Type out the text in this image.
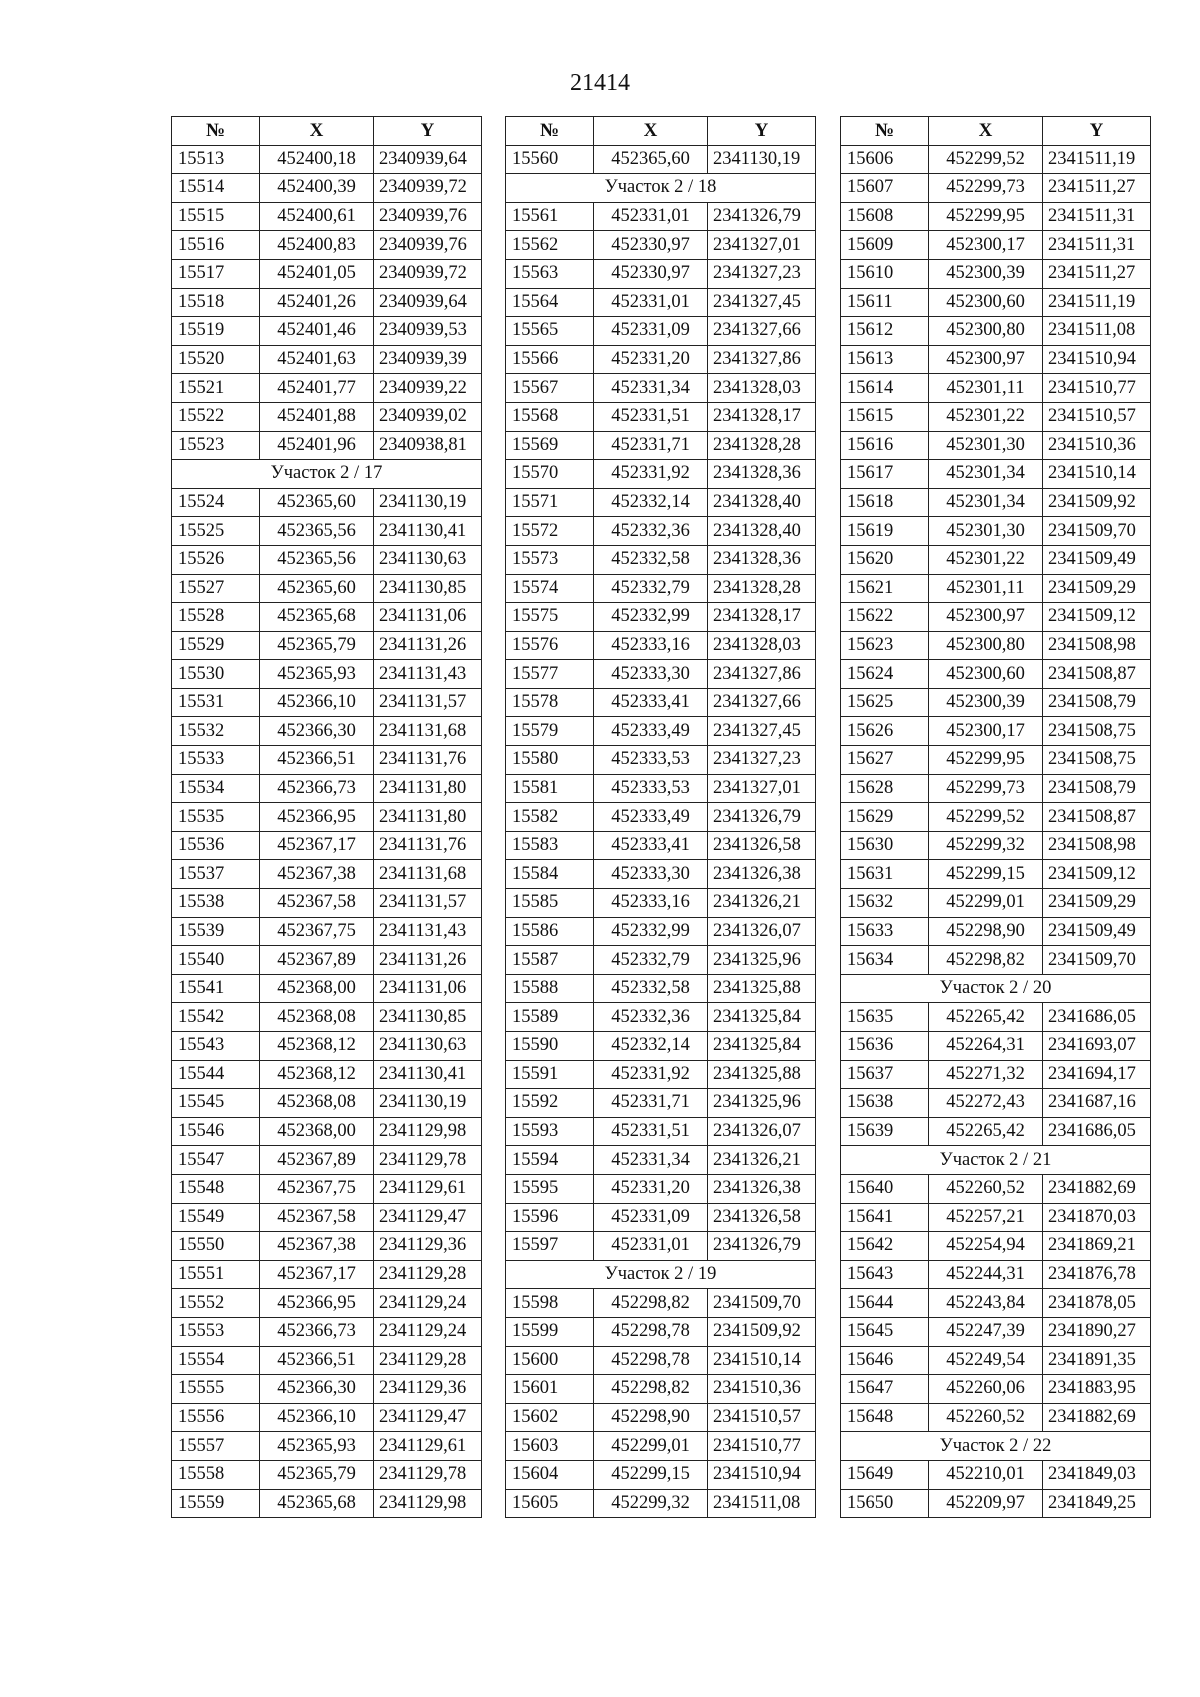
21414
№	X	Y
15513	452400,18	2340939,64
15514	452400,39	2340939,72
15515	452400,61	2340939,76
15516	452400,83	2340939,76
15517	452401,05	2340939,72
15518	452401,26	2340939,64
15519	452401,46	2340939,53
15520	452401,63	2340939,39
15521	452401,77	2340939,22
15522	452401,88	2340939,02
15523	452401,96	2340938,81
Участок 2 / 17		
15524	452365,60	2341130,19
15525	452365,56	2341130,41
15526	452365,56	2341130,63
15527	452365,60	2341130,85
15528	452365,68	2341131,06
15529	452365,79	2341131,26
15530	452365,93	2341131,43
15531	452366,10	2341131,57
15532	452366,30	2341131,68
15533	452366,51	2341131,76
15534	452366,73	2341131,80
15535	452366,95	2341131,80
15536	452367,17	2341131,76
15537	452367,38	2341131,68
15538	452367,58	2341131,57
15539	452367,75	2341131,43
15540	452367,89	2341131,26
15541	452368,00	2341131,06
15542	452368,08	2341130,85
15543	452368,12	2341130,63
15544	452368,12	2341130,41
15545	452368,08	2341130,19
15546	452368,00	2341129,98
15547	452367,89	2341129,78
15548	452367,75	2341129,61
15549	452367,58	2341129,47
15550	452367,38	2341129,36
15551	452367,17	2341129,28
15552	452366,95	2341129,24
15553	452366,73	2341129,24
15554	452366,51	2341129,28
15555	452366,30	2341129,36
15556	452366,10	2341129,47
15557	452365,93	2341129,61
15558	452365,79	2341129,78
15559	452365,68	2341129,98
№	X	Y
15560	452365,60	2341130,19
Участок 2 / 18		
15561	452331,01	2341326,79
15562	452330,97	2341327,01
15563	452330,97	2341327,23
15564	452331,01	2341327,45
15565	452331,09	2341327,66
15566	452331,20	2341327,86
15567	452331,34	2341328,03
15568	452331,51	2341328,17
15569	452331,71	2341328,28
15570	452331,92	2341328,36
15571	452332,14	2341328,40
15572	452332,36	2341328,40
15573	452332,58	2341328,36
15574	452332,79	2341328,28
15575	452332,99	2341328,17
15576	452333,16	2341328,03
15577	452333,30	2341327,86
15578	452333,41	2341327,66
15579	452333,49	2341327,45
15580	452333,53	2341327,23
15581	452333,53	2341327,01
15582	452333,49	2341326,79
15583	452333,41	2341326,58
15584	452333,30	2341326,38
15585	452333,16	2341326,21
15586	452332,99	2341326,07
15587	452332,79	2341325,96
15588	452332,58	2341325,88
15589	452332,36	2341325,84
15590	452332,14	2341325,84
15591	452331,92	2341325,88
15592	452331,71	2341325,96
15593	452331,51	2341326,07
15594	452331,34	2341326,21
15595	452331,20	2341326,38
15596	452331,09	2341326,58
15597	452331,01	2341326,79
Участок 2 / 19		
15598	452298,82	2341509,70
15599	452298,78	2341509,92
15600	452298,78	2341510,14
15601	452298,82	2341510,36
15602	452298,90	2341510,57
15603	452299,01	2341510,77
15604	452299,15	2341510,94
15605	452299,32	2341511,08
№	X	Y
15606	452299,52	2341511,19
15607	452299,73	2341511,27
15608	452299,95	2341511,31
15609	452300,17	2341511,31
15610	452300,39	2341511,27
15611	452300,60	2341511,19
15612	452300,80	2341511,08
15613	452300,97	2341510,94
15614	452301,11	2341510,77
15615	452301,22	2341510,57
15616	452301,30	2341510,36
15617	452301,34	2341510,14
15618	452301,34	2341509,92
15619	452301,30	2341509,70
15620	452301,22	2341509,49
15621	452301,11	2341509,29
15622	452300,97	2341509,12
15623	452300,80	2341508,98
15624	452300,60	2341508,87
15625	452300,39	2341508,79
15626	452300,17	2341508,75
15627	452299,95	2341508,75
15628	452299,73	2341508,79
15629	452299,52	2341508,87
15630	452299,32	2341508,98
15631	452299,15	2341509,12
15632	452299,01	2341509,29
15633	452298,90	2341509,49
15634	452298,82	2341509,70
Участок 2 / 20		
15635	452265,42	2341686,05
15636	452264,31	2341693,07
15637	452271,32	2341694,17
15638	452272,43	2341687,16
15639	452265,42	2341686,05
Участок 2 / 21		
15640	452260,52	2341882,69
15641	452257,21	2341870,03
15642	452254,94	2341869,21
15643	452244,31	2341876,78
15644	452243,84	2341878,05
15645	452247,39	2341890,27
15646	452249,54	2341891,35
15647	452260,06	2341883,95
15648	452260,52	2341882,69
Участок 2 / 22		
15649	452210,01	2341849,03
15650	452209,97	2341849,25
